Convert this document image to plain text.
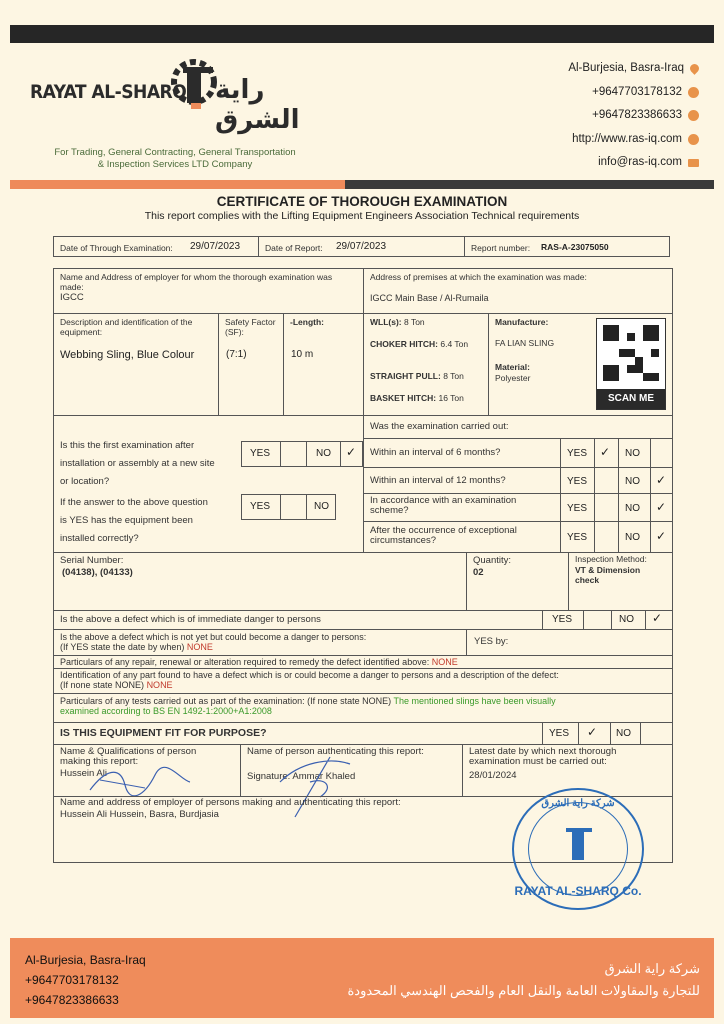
RAYAT AL-SHARQ راية الشرق
For Trading, General Contracting, General Transportation
& Inspection Services LTD Company
Al-Burjesia, Basra-Iraq
+9647703178132
+9647823386633
http://www.ras-iq.com
info@ras-iq.com
CERTIFICATE OF THOROUGH EXAMINATION
This report complies with the Lifting Equipment Engineers Association Technical requirements
Date of Through Examination: 29/07/2023	Date of Report: 29/07/2023	Report number: RAS-A-23075050
Name and Address of employer for whom the thorough examination was made:
IGCC
Address of premises at which the examination was made:
IGCC Main Base / Al-Rumaila
Description and identification of the equipment:
Webbing Sling, Blue Colour
Safety Factor (SF):
(7:1)
-Length:
10 m
WLL(s): 8 Ton
CHOKER HITCH: 6.4 Ton
STRAIGHT PULL: 8 Ton
BASKET HITCH: 16 Ton
Manufacture:
FA LIAN SLING
Material:
Polyester
SCAN ME
Is this the first examination after
installation or assembly at a new site
or location?
YES	NO ✓
If the answer to the above question
is YES has the equipment been
installed correctly?
YES	NO
Was the examination carried out:
Within an interval of 6 months?	YES ✓ NO
Within an interval of 12 months?	YES	NO ✓
In accordance with an examination
scheme?	YES	NO ✓
After the occurrence of exceptional
circumstances?	YES	NO ✓
Serial Number:
(04138), (04133)
Quantity:
02
Inspection Method:
VT & Dimension
check
Is the above a defect which is of immediate danger to persons	YES	NO ✓
Is the above a defect which is not yet but could become a danger to persons:
(If YES state the date by when) NONE	YES by:
Particulars of any repair, renewal or alteration required to remedy the defect identified above: NONE
Identification of any part found to have a defect which is or could become a danger to persons and a description of the defect:
(If none state NONE) NONE
Particulars of any tests carried out as part of the examination: (If none state NONE) The mentioned slings have been visually
examined according to BS EN 1492-1:2000+A1:2008
IS THIS EQUIPMENT FIT FOR PURPOSE?	YES ✓ NO
Name & Qualifications of person
making this report:
Hussein Ali
Name of person authenticating this report:
Signature: Ammar Khaled
Latest date by which next thorough
examination must be carried out:
28/01/2024
Name and address of employer of persons making and authenticating this report:
Hussein Ali Hussein, Basra, Burdjasia
شركة راية الشرق
RAYAT AL-SHARQ Co.
Al-Burjesia, Basra-Iraq
+9647703178132
+9647823386633
شركة راية الشرق
للتجارة والمقاولات العامة والنقل العام والفحص الهندسي المحدودة
